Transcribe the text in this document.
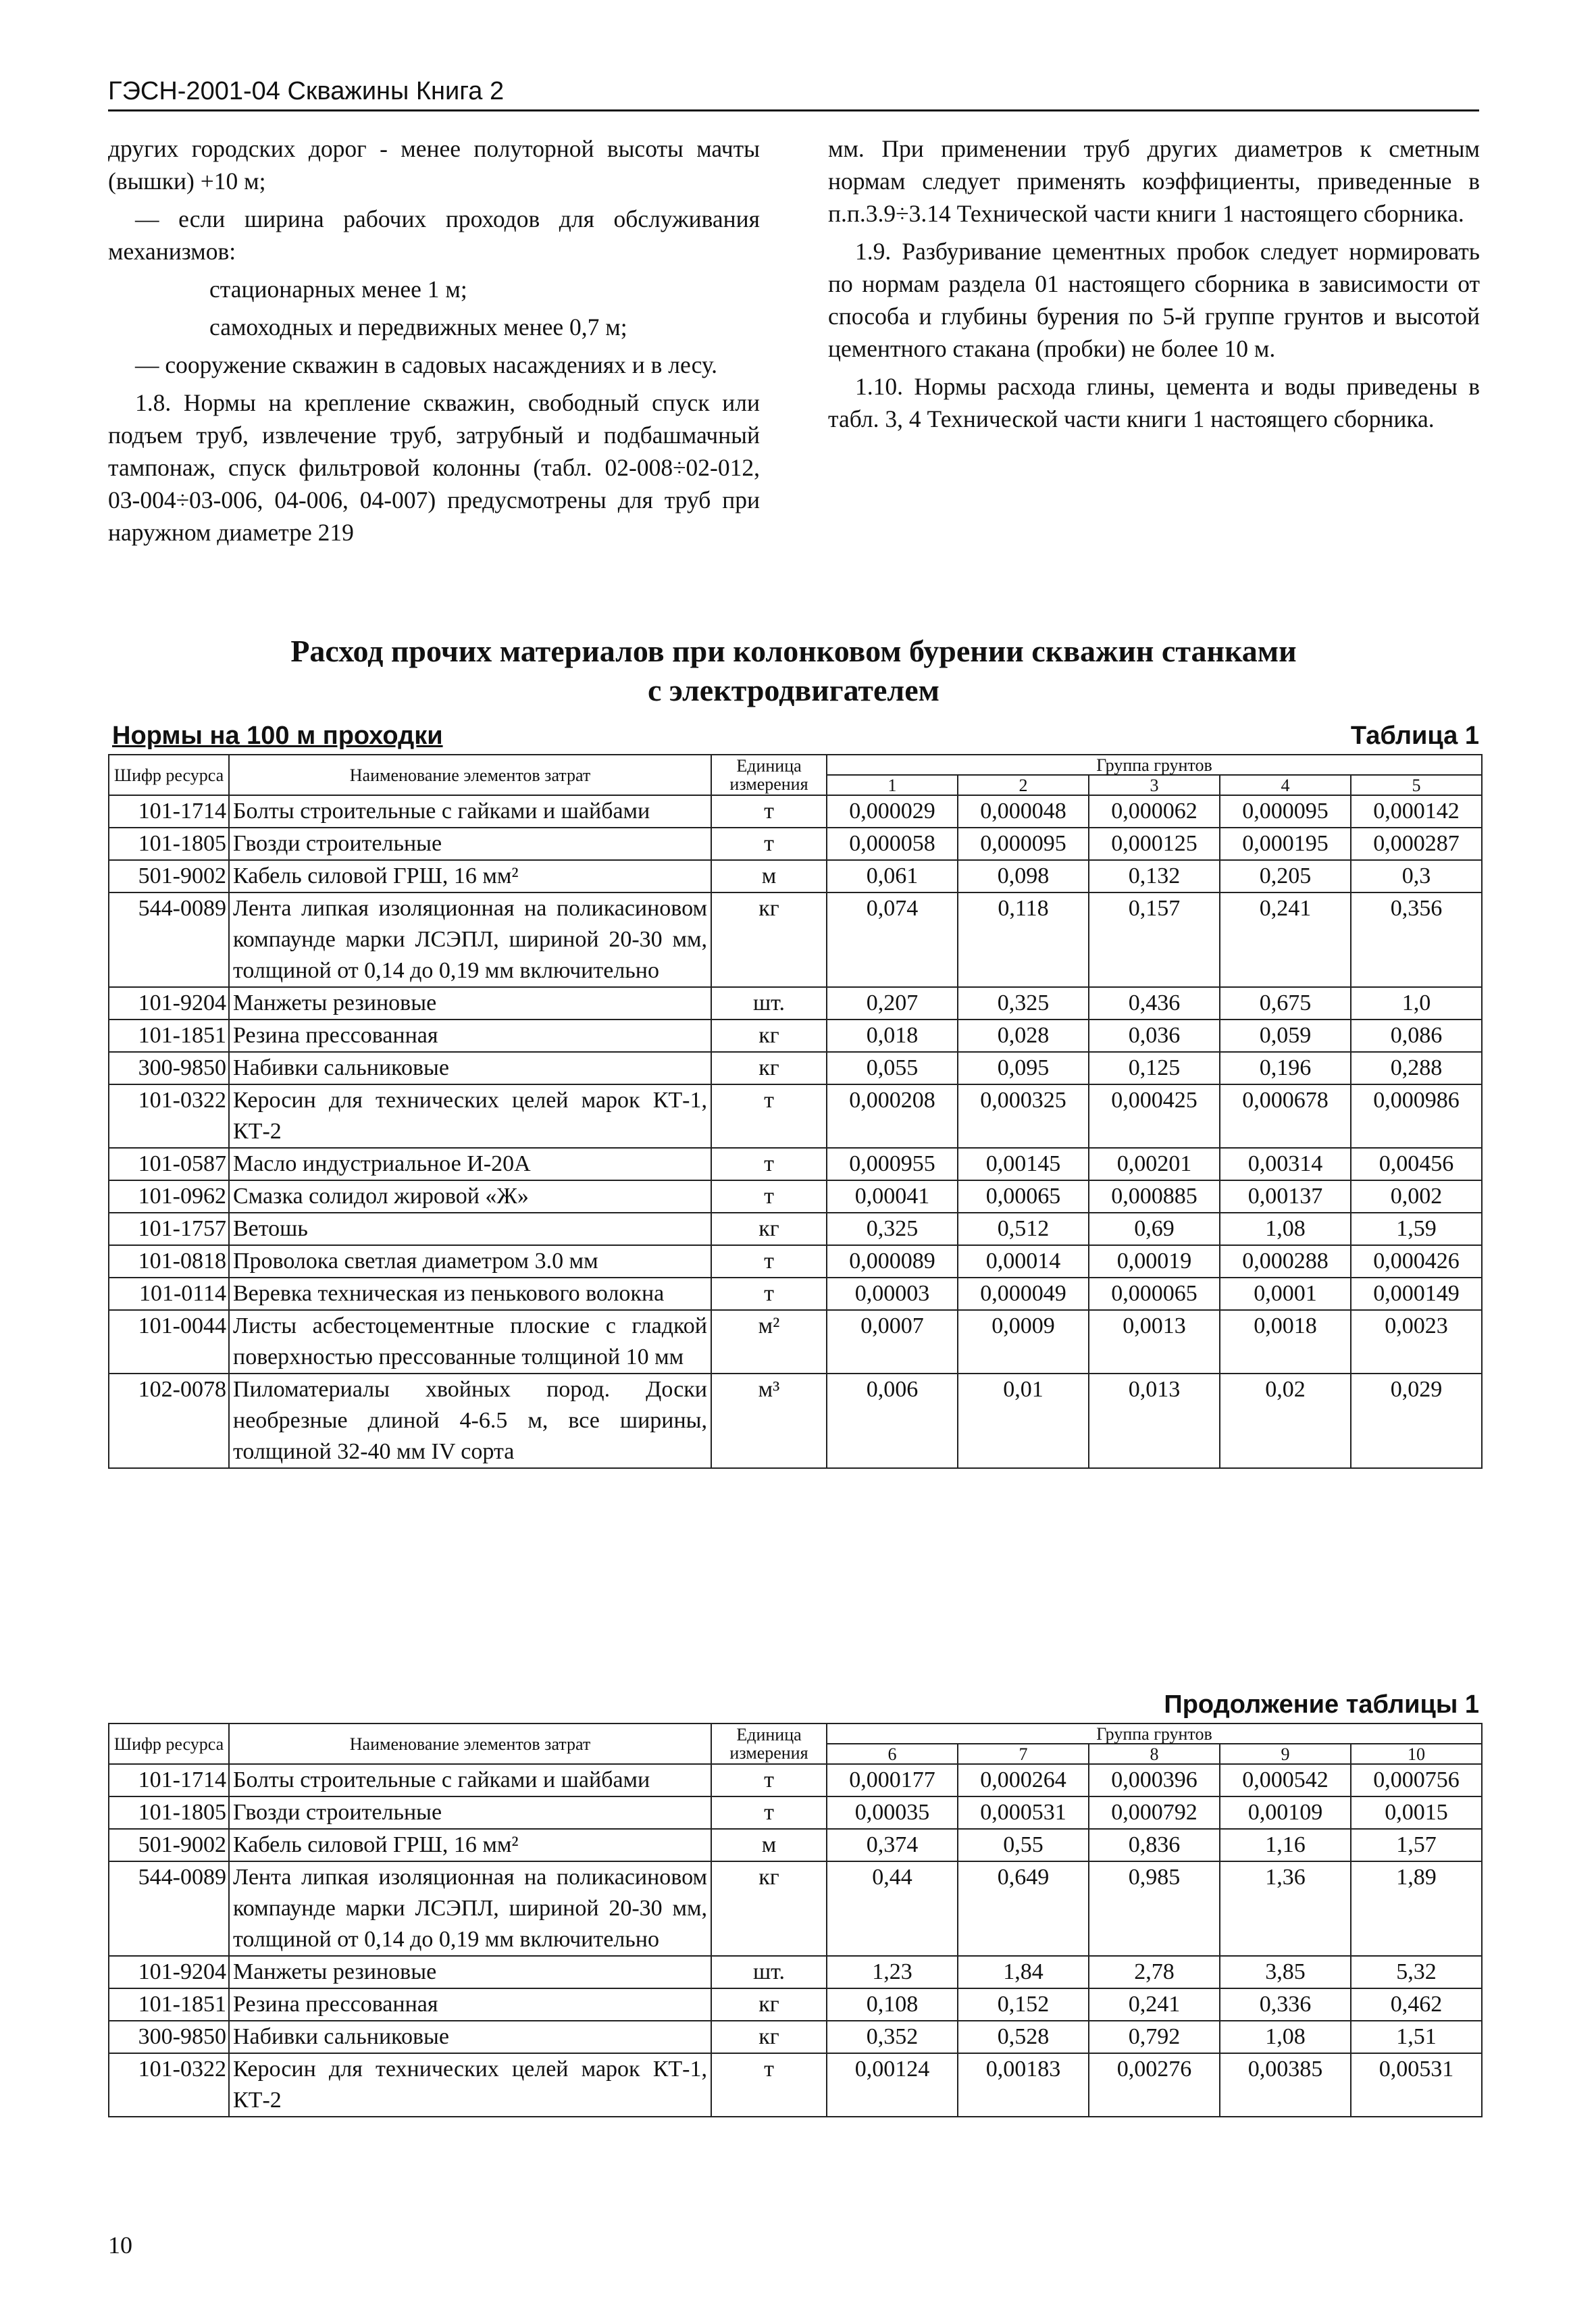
ГЭСН-2001-04 Скважины Книга 2

других городских дорог - менее полуторной высоты мачты (вышки) +10 м;

— если ширина рабочих проходов для обслуживания механизмов:

стационарных менее 1 м;

самоходных и передвижных менее 0,7 м;

— сооружение скважин в садовых насаждениях и в лесу.

1.8. Нормы на крепление скважин, свободный спуск или подъем труб, извлечение труб, затрубный и подбашмачный тампонаж, спуск фильтровой колонны (табл. 02-008÷02-012, 03-004÷03-006, 04-006, 04-007) предусмотрены для труб при наружном диаметре 219

мм. При применении труб других диаметров к сметным нормам следует применять коэффициенты, приведенные в п.п.3.9÷3.14 Технической части книги 1 настоящего сборника.

1.9. Разбуривание цементных пробок следует нормировать по нормам раздела 01 настоящего сборника в зависимости от способа и глубины бурения по 5-й группе грунтов и высотой цементного стакана (пробки) не более 10 м.

1.10. Нормы расхода глины, цемента и воды приведены в табл. 3, 4 Технической части книги 1 настоящего сборника.

Расход прочих материалов при колонковом бурении скважин станками
с электродвигателем
Нормы на 100 м проходки	Таблица 1
Шифр ресурса	Наименование элементов затрат	Единица измерения	Группа грунтов				
			1	2	3	4	5
101-1714	Болты строительные с гайками и шайбами	т	0,000029	0,000048	0,000062	0,000095	0,000142
101-1805	Гвозди строительные	т	0,000058	0,000095	0,000125	0,000195	0,000287
501-9002	Кабель силовой ГРШ, 16 мм²	м	0,061	0,098	0,132	0,205	0,3
544-0089	Лента липкая изоляционная на поликасиновом компаунде марки ЛСЭПЛ, шириной 20-30 мм, толщиной от 0,14 до 0,19 мм включительно	кг	0,074	0,118	0,157	0,241	0,356
101-9204	Манжеты резиновые	шт.	0,207	0,325	0,436	0,675	1,0
101-1851	Резина прессованная	кг	0,018	0,028	0,036	0,059	0,086
300-9850	Набивки сальниковые	кг	0,055	0,095	0,125	0,196	0,288
101-0322	Керосин для технических целей марок КТ-1, КТ-2	т	0,000208	0,000325	0,000425	0,000678	0,000986
101-0587	Масло индустриальное И-20А	т	0,000955	0,00145	0,00201	0,00314	0,00456
101-0962	Смазка солидол жировой «Ж»	т	0,00041	0,00065	0,000885	0,00137	0,002
101-1757	Ветошь	кг	0,325	0,512	0,69	1,08	1,59
101-0818	Проволока светлая диаметром 3.0 мм	т	0,000089	0,00014	0,00019	0,000288	0,000426
101-0114	Веревка техническая из пенькового волокна	т	0,00003	0,000049	0,000065	0,0001	0,000149
101-0044	Листы асбестоцементные плоские с гладкой поверхностью прессованные толщиной 10 мм	м²	0,0007	0,0009	0,0013	0,0018	0,0023
102-0078	Пиломатериалы хвойных пород. Доски необрезные длиной 4-6.5 м, все ширины, толщиной 32-40 мм IV сорта	м³	0,006	0,01	0,013	0,02	0,029
Продолжение таблицы 1
Шифр ресурса	Наименование элементов затрат	Единица измерения	Группа грунтов				
			6	7	8	9	10
101-1714	Болты строительные с гайками и шайбами	т	0,000177	0,000264	0,000396	0,000542	0,000756
101-1805	Гвозди строительные	т	0,00035	0,000531	0,000792	0,00109	0,0015
501-9002	Кабель силовой ГРШ, 16 мм²	м	0,374	0,55	0,836	1,16	1,57
544-0089	Лента липкая изоляционная на поликасиновом компаунде марки ЛСЭПЛ, шириной 20-30 мм, толщиной от 0,14 до 0,19 мм включительно	кг	0,44	0,649	0,985	1,36	1,89
101-9204	Манжеты резиновые	шт.	1,23	1,84	2,78	3,85	5,32
101-1851	Резина прессованная	кг	0,108	0,152	0,241	0,336	0,462
300-9850	Набивки сальниковые	кг	0,352	0,528	0,792	1,08	1,51
101-0322	Керосин для технических целей марок КТ-1, КТ-2	т	0,00124	0,00183	0,00276	0,00385	0,00531
10
